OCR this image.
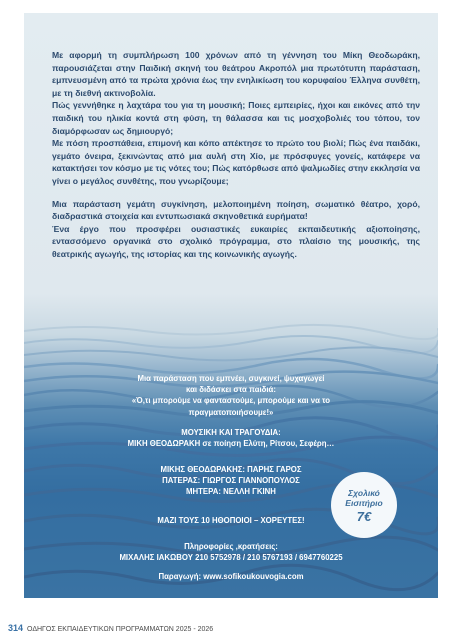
Με αφορμή τη συμπλήρωση 100 χρόνων από τη γέννηση του Μίκη Θεοδωράκη, παρουσιάζεται στην Παιδική σκηνή του θεάτρου Ακροπόλ μια πρωτότυπη παράσταση, εμπνευσμένη από τα πρώτα χρόνια έως την ενηλικίωση του κορυφαίου Έλληνα συνθέτη, με τη διεθνή ακτινοβολία.

Πώς γεννήθηκε η λαχτάρα του για τη μουσική; Ποιες εμπειρίες, ήχοι και εικόνες από την παιδική του ηλικία κοντά στη φύση, τη θάλασσα και τις μοσχοβολιές του τόπου, τον διαμόρφωσαν ως δημιουργό;

Με πόση προσπάθεια, επιμονή και κόπο απέκτησε το πρώτο του βιολί; Πώς ένα παιδάκι, γεμάτο όνειρα, ξεκινώντας από μια αυλή στη Χίο, με πρόσφυγες γονείς, κατάφερε να κατακτήσει τον κόσμο με τις νότες του; Πώς κατόρθωσε από ψαλμωδίες στην εκκλησία να γίνει ο μεγάλος συνθέτης, που γνωρίζουμε;

Μια παράσταση γεμάτη συγκίνηση, μελοποιημένη ποίηση, σωματικό θέατρο, χορό, διαδραστικά στοιχεία και εντυπωσιακά σκηνοθετικά ευρήματα!

Ένα έργο που προσφέρει ουσιαστικές ευκαιρίες εκπαιδευτικής αξιοποίησης, εντασσόμενο οργανικά στο σχολικό πρόγραμμα, στο πλαίσιο της μουσικής, της θεατρικής αγωγής, της ιστορίας και της κοινωνικής αγωγής.

Μια παράσταση που εμπνέει, συγκινεί, ψυχαγωγεί

και διδάσκει στα παιδιά:

«Ό,τι μπορούμε να φανταστούμε, μπορούμε και να το

πραγματοποιήσουμε!»

ΜΟΥΣΙΚΗ ΚΑΙ ΤΡΑΓΟΥΔΙΑ:

ΜΙΚΗ ΘΕΟΔΩΡΑΚΗ σε ποίηση Ελύτη, Ρίτσου, Σεφέρη…

ΜΙΚΗΣ ΘΕΟΔΩΡΑΚΗΣ: ΠΑΡΗΣ ΓΑΡΟΣ

ΠΑΤΕΡΑΣ: ΓΙΩΡΓΟΣ ΓΙΑΝΝΟΠΟΥΛΟΣ

ΜΗΤΕΡΑ: ΝΕΛΛΗ ΓΚΙΝΗ

ΜΑΖΙ ΤΟΥΣ 10 ΗΘΟΠΟΙΟΙ – ΧΟΡΕΥΤΕΣ!

Πληροφορίες ,κρατήσεις:

ΜΙΧΑΛΗΣ ΙΑΚΩΒΟΥ 210 5752978 / 210 5767193 / 6947760225

Παραγωγή: www.sofikoukouvogia.com

Σχολικό
Εισιτήριο
7€
314 ΟΔΗΓΟΣ ΕΚΠΑΙΔΕΥΤΙΚΩΝ ΠΡΟΓΡΑΜΜΑΤΩΝ 2025 - 2026
